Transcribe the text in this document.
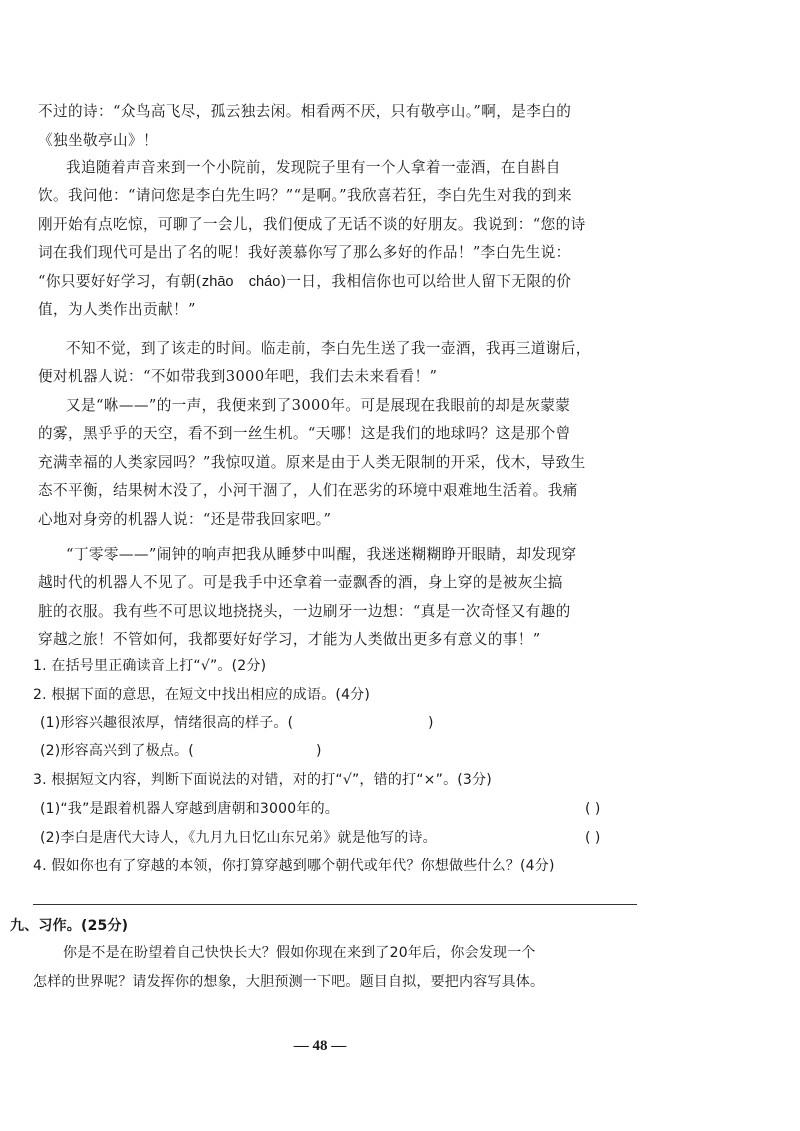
不过的诗：“众鸟高飞尽，孤云独去闲。相看两不厌，只有敬亭山。”啊，是李白的

《独坐敬亭山》！

我追随着声音来到一个小院前，发现院子里有一个人拿着一壶酒，在自斟自

饮。我问他：“请问您是李白先生吗？”“是啊。”我欣喜若狂，李白先生对我的到来

刚开始有点吃惊，可聊了一会儿，我们便成了无话不谈的好朋友。我说到：“您的诗

词在我们现代可是出了名的呢！我好羡慕你写了那么多好的作品！”李白先生说：

“你只要好好学习，有朝(zhāo cháo)一日，我相信你也可以给世人留下无限的价

值，为人类作出贡献！”

不知不觉，到了该走的时间。临走前，李白先生送了我一壶酒，我再三道谢后，

便对机器人说：“不如带我到3000年吧，我们去未来看看！”

又是“咻——”的一声，我便来到了3000年。可是展现在我眼前的却是灰蒙蒙

的雾，黑乎乎的天空，看不到一丝生机。“天哪！这是我们的地球吗？这是那个曾

充满幸福的人类家园吗？”我惊叹道。原来是由于人类无限制的开采，伐木，导致生

态不平衡，结果树木没了，小河干涸了，人们在恶劣的环境中艰难地生活着。我痛

心地对身旁的机器人说：“还是带我回家吧。”

“丁零零——”闹钟的响声把我从睡梦中叫醒，我迷迷糊糊睁开眼睛，却发现穿

越时代的机器人不见了。可是我手中还拿着一壶飘香的酒，身上穿的是被灰尘搞

脏的衣服。我有些不可思议地挠挠头，一边刷牙一边想：“真是一次奇怪又有趣的

穿越之旅！不管如何，我都要好好学习，才能为人类做出更多有意义的事！”

1. 在括号里正确读音上打“√”。(2分)

2. 根据下面的意思，在短文中找出相应的成语。(4分)

(1)形容兴趣很浓厚，情绪很高的样子。(	)

(2)形容高兴到了极点。(	)

3. 根据短文内容，判断下面说法的对错，对的打“√”，错的打“×”。(3分)

(1)“我”是跟着机器人穿越到唐朝和3000年的。	( )

(2)李白是唐代大诗人，《九月九日忆山东兄弟》就是他写的诗。	( )

4. 假如你也有了穿越的本领，你打算穿越到哪个朝代或年代？你想做些什么？(4分)

九、习作。(25分)

你是不是在盼望着自己快快长大？假如你现在来到了20年后，你会发现一个

怎样的世界呢？请发挥你的想象，大胆预测一下吧。题目自拟，要把内容写具体。

— 48 —
